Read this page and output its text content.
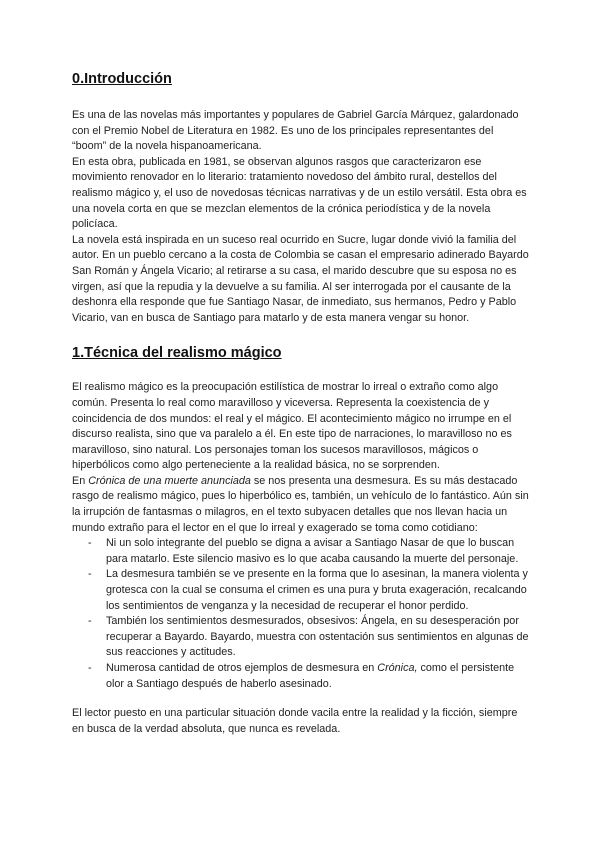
0.Introducción

Es una de las novelas más importantes y populares de Gabriel García Márquez, galardonado con el Premio Nobel de Literatura en 1982. Es uno de los principales representantes del “boom” de la novela hispanoamericana.

En esta obra, publicada en 1981, se observan algunos rasgos que caracterizaron ese movimiento renovador en lo literario: tratamiento novedoso del ámbito rural, destellos del realismo mágico y, el uso de novedosas técnicas narrativas y de un estilo versátil. Esta obra es una novela corta en que se mezclan elementos de la crónica periodística y de la novela policíaca.

La novela está inspirada en un suceso real ocurrido en Sucre, lugar donde vivió la familia del autor. En un pueblo cercano a la costa de Colombia se casan el empresario adinerado Bayardo San Román y Ángela Vicario; al retirarse a su casa, el marido descubre que su esposa no es virgen, así que la repudia y la devuelve a su familia. Al ser interrogada por el causante de la deshonra ella responde que fue Santiago Nasar, de inmediato, sus hermanos, Pedro y Pablo Vicario, van en busca de Santiago para matarlo y de esta manera vengar su honor.

1.Técnica del realismo mágico

El realismo mágico es la preocupación estilística de mostrar lo irreal o extraño como algo común. Presenta lo real como maravilloso y viceversa. Representa la coexistencia de y coincidencia de dos mundos: el real y el mágico. El acontecimiento mágico no irrumpe en el discurso realista, sino que va paralelo a él. En este tipo de narraciones, lo maravilloso no es maravilloso, sino natural. Los personajes toman los sucesos maravillosos, mágicos o hiperbólicos como algo perteneciente a la realidad básica, no se sorprenden.

En Crónica de una muerte anunciada se nos presenta una desmesura. Es su más destacado rasgo de realismo mágico, pues lo hiperbólico es, también, un vehículo de lo fantástico. Aún sin la irrupción de fantasmas o milagros, en el texto subyacen detalles que nos llevan hacia un mundo extraño para el lector en el que lo irreal y exagerado se toma como cotidiano:

- Ni un solo integrante del pueblo se digna a avisar a Santiago Nasar de que lo buscan para matarlo. Este silencio masivo es lo que acaba causando la muerte del personaje.
- La desmesura también se ve presente en la forma que lo asesinan, la manera violenta y grotesca con la cual se consuma el crimen es una pura y bruta exageración, recalcando los sentimientos de venganza y la necesidad de recuperar el honor perdido.
- También los sentimientos desmesurados, obsesivos: Ángela, en su desesperación por recuperar a Bayardo. Bayardo, muestra con ostentación sus sentimientos en algunas de sus reacciones y actitudes.
- Numerosa cantidad de otros ejemplos de desmesura en Crónica, como el persistente olor a Santiago después de haberlo asesinado.

El lector puesto en una particular situación donde vacila entre la realidad y la ficción, siempre en busca de la verdad absoluta, que nunca es revelada.
